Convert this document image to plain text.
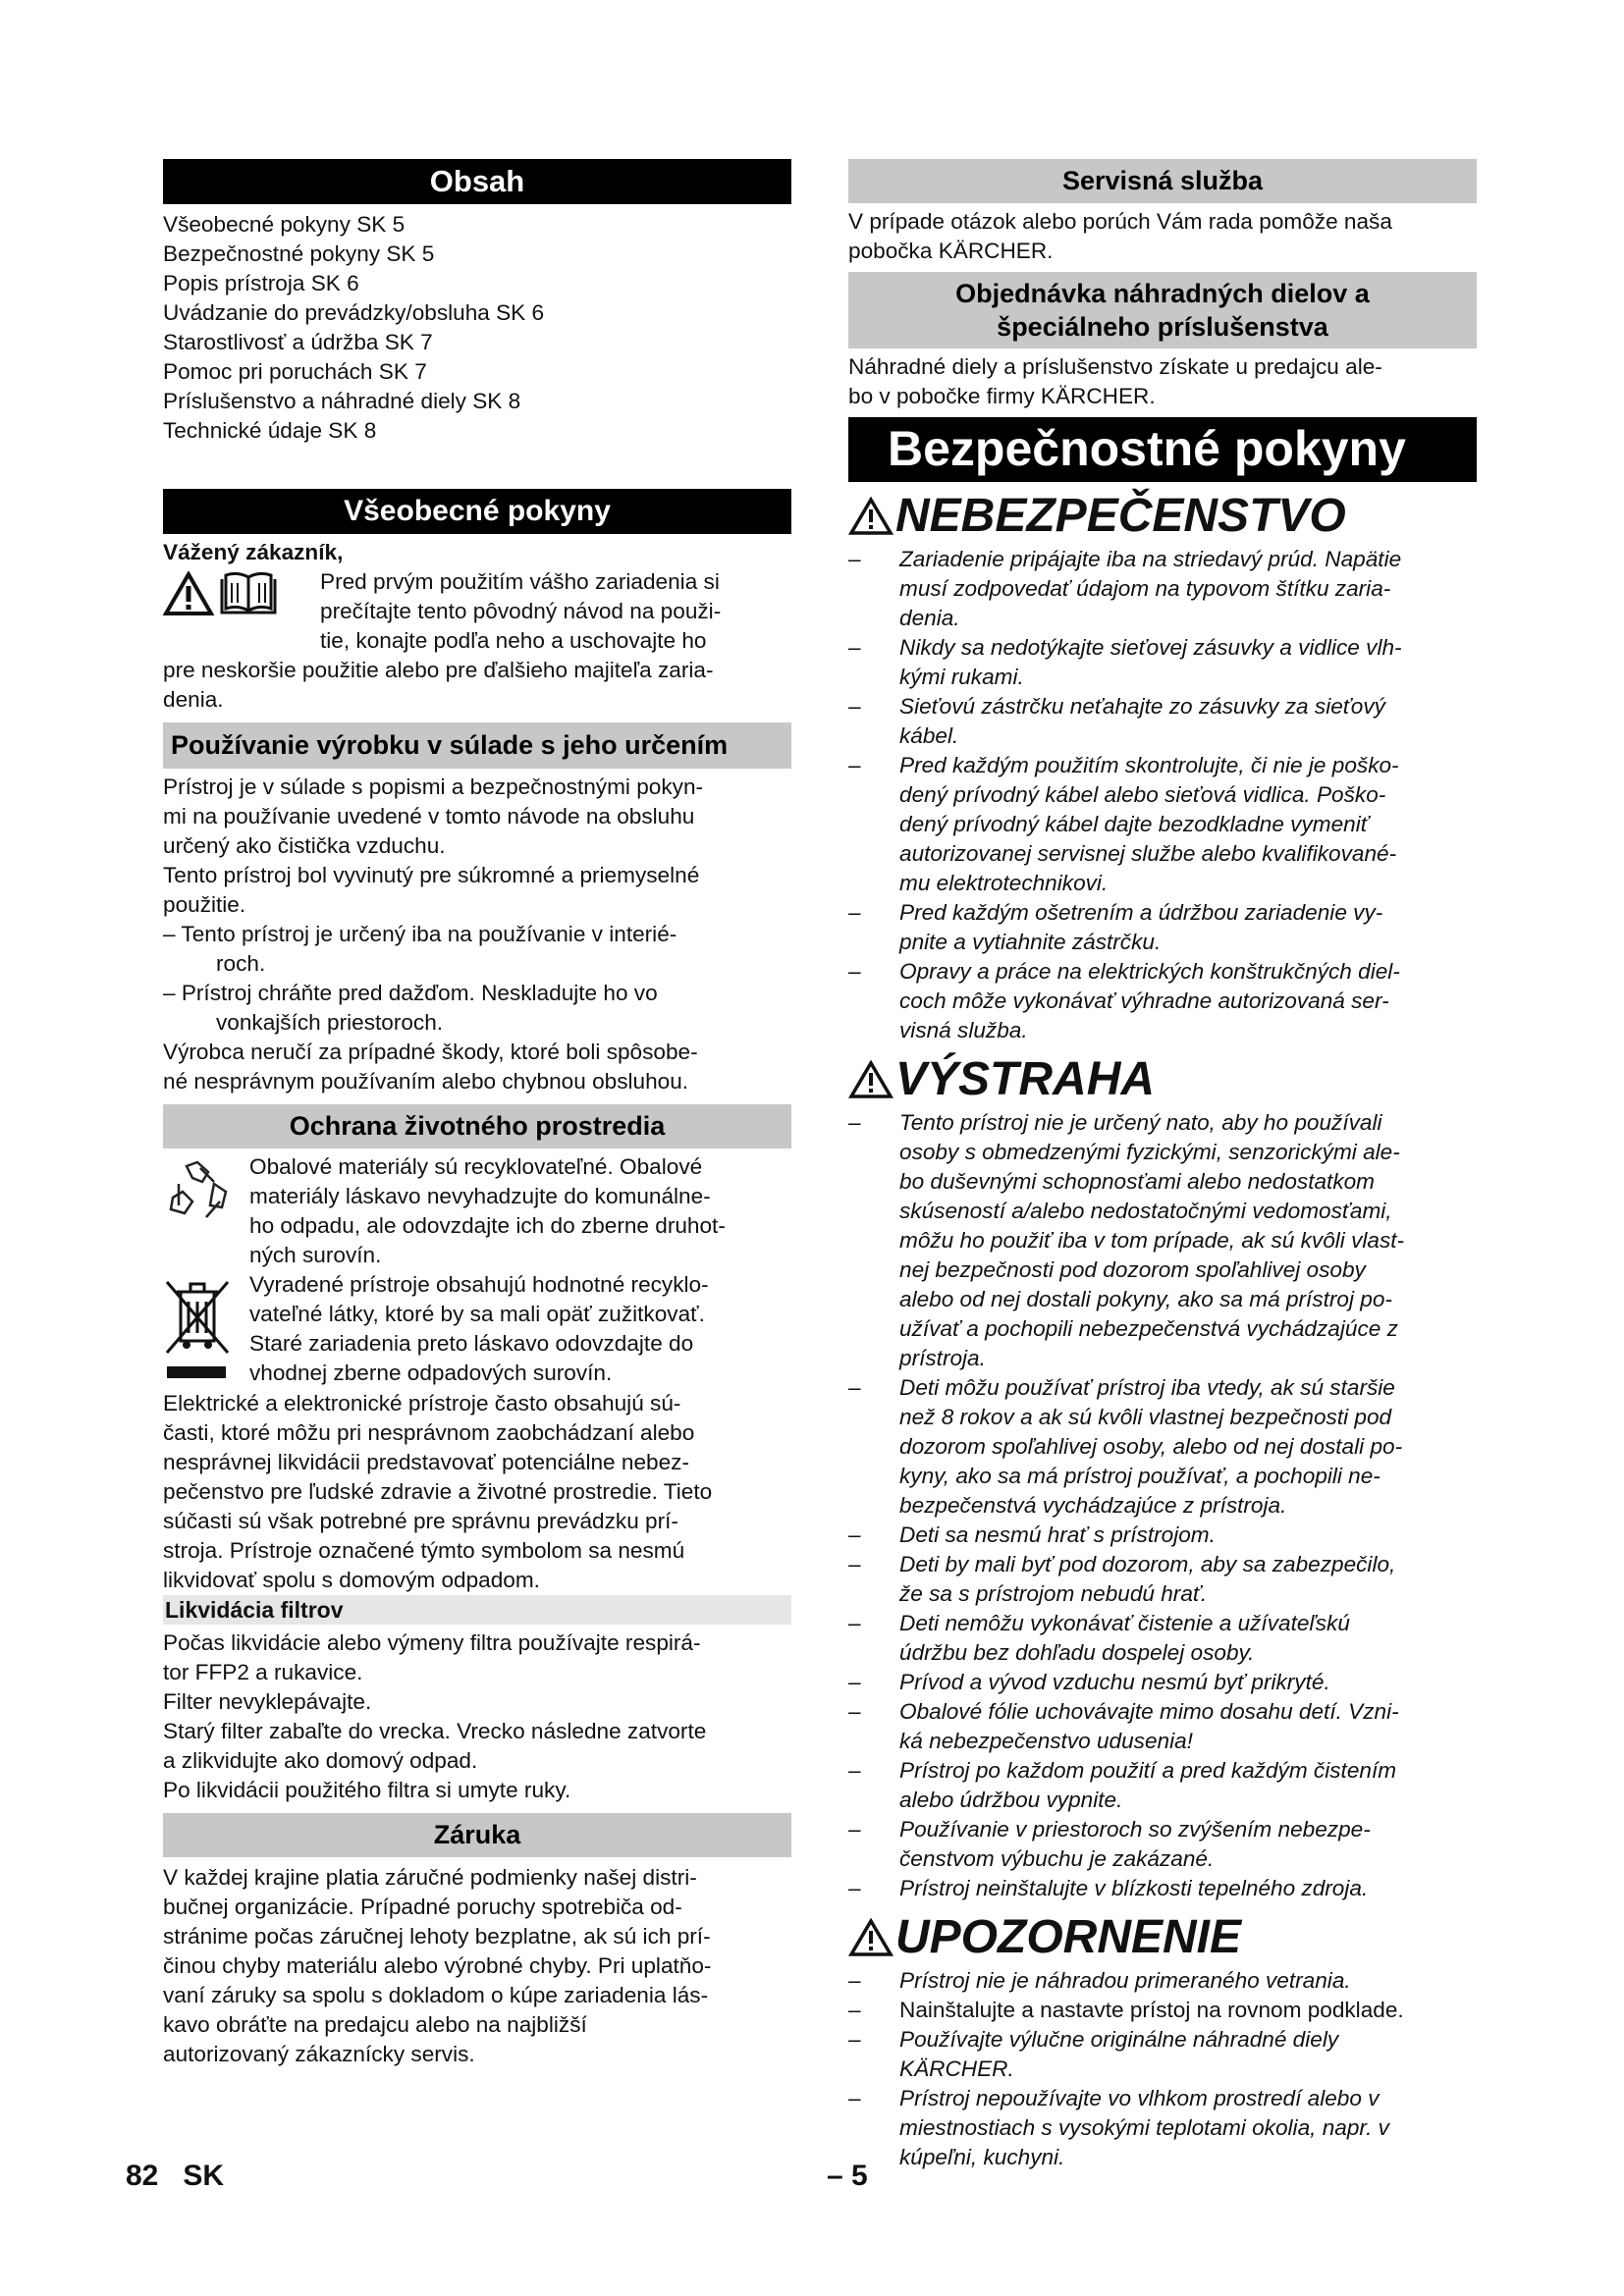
Obsah

Všeobecné pokyny SK 5

Bezpečnostné pokyny SK 5

Popis prístroja SK 6

Uvádzanie do prevádzky/obsluha SK 6

Starostlivosť a údržba SK 7

Pomoc pri poruchách SK 7

Príslušenstvo a náhradné diely SK 8

Technické údaje SK 8

Všeobecné pokyny

Vážený zákazník,

Pred prvým použitím vášho zariadenia si

prečítajte tento pôvodný návod na použi-

tie, konajte podľa neho a uschovajte ho

pre neskoršie použitie alebo pre ďalšieho majiteľa zaria-

denia.

Používanie výrobku v súlade s jeho určením

Prístroj je v súlade s popismi a bezpečnostnými pokyn-

mi na používanie uvedené v tomto návode na obsluhu

určený ako čistička vzduchu.

Tento prístroj bol vyvinutý pre súkromné a priemyselné

použitie.

– Tento prístroj je určený iba na používanie v interié-

roch.

– Prístroj chráňte pred dažďom. Neskladujte ho vo

vonkajších priestoroch.

Výrobca neručí za prípadné škody, ktoré boli spôsobe-

né nesprávnym používaním alebo chybnou obsluhou.

Ochrana životného prostredia

Obalové materiály sú recyklovateľné. Obalové

materiály láskavo nevyhadzujte do komunálne-

ho odpadu, ale odovzdajte ich do zberne druhot-

ných surovín.

Vyradené prístroje obsahujú hodnotné recyklo-

vateľné látky, ktoré by sa mali opäť zužitkovať.

Staré zariadenia preto láskavo odovzdajte do

vhodnej zberne odpadových surovín.

Elektrické a elektronické prístroje často obsahujú sú-

časti, ktoré môžu pri nesprávnom zaobchádzaní alebo

nesprávnej likvidácii predstavovať potenciálne nebez-

pečenstvo pre ľudské zdravie a životné prostredie. Tieto

súčasti sú však potrebné pre správnu prevádzku prí-

stroja. Prístroje označené týmto symbolom sa nesmú

likvidovať spolu s domovým odpadom.

Likvidácia filtrov

Počas likvidácie alebo výmeny filtra používajte respirá-

tor FFP2 a rukavice.

Filter nevyklepávajte.

Starý filter zabaľte do vrecka. Vrecko následne zatvorte

a zlikvidujte ako domový odpad.

Po likvidácii použitého filtra si umyte ruky.

Záruka

V každej krajine platia záručné podmienky našej distri-

bučnej organizácie. Prípadné poruchy spotrebiča od-

stránime počas záručnej lehoty bezplatne, ak sú ich prí-

činou chyby materiálu alebo výrobné chyby. Pri uplatňo-

vaní záruky sa spolu s dokladom o kúpe zariadenia lás-

kavo obráťte na predajcu alebo na najbližší

autorizovaný zákaznícky servis.

Servisná služba

V prípade otázok alebo porúch Vám rada pomôže naša

pobočka KÄRCHER.

Objednávka náhradných dielov a
špeciálneho príslušenstva

Náhradné diely a príslušenstvo získate u predajcu ale-

bo v pobočke firmy KÄRCHER.

Bezpečnostné pokyny
NEBEZPEČENSTVO
–	Zariadenie pripájajte iba na striedavý prúd. Napätie

musí zodpovedať údajom na typovom štítku zaria-

denia.

–	Nikdy sa nedotýkajte sieťovej zásuvky a vidlice vlh-

kými rukami.

–	Sieťovú zástrčku neťahajte zo zásuvky za sieťový

kábel.

–	Pred každým použitím skontrolujte, či nie je poško-

dený prívodný kábel alebo sieťová vidlica. Poško-

dený prívodný kábel dajte bezodkladne vymeniť

autorizovanej servisnej službe alebo kvalifikované-

mu elektrotechnikovi.

–	Pred každým ošetrením a údržbou zariadenie vy-

pnite a vytiahnite zástrčku.

–	Opravy a práce na elektrických konštrukčných diel-

coch môže vykonávať výhradne autorizovaná ser-

visná služba.

VÝSTRAHA
–	Tento prístroj nie je určený nato, aby ho používali

osoby s obmedzenými fyzickými, senzorickými ale-

bo duševnými schopnosťami alebo nedostatkom

skúseností a/alebo nedostatočnými vedomosťami,

môžu ho použiť iba v tom prípade, ak sú kvôli vlast-

nej bezpečnosti pod dozorom spoľahlivej osoby

alebo od nej dostali pokyny, ako sa má prístroj po-

užívať a pochopili nebezpečenstvá vychádzajúce z

prístroja.

–	Deti môžu používať prístroj iba vtedy, ak sú staršie

než 8 rokov a ak sú kvôli vlastnej bezpečnosti pod

dozorom spoľahlivej osoby, alebo od nej dostali po-

kyny, ako sa má prístroj používať, a pochopili ne-

bezpečenstvá vychádzajúce z prístroja.

–	Deti sa nesmú hrať s prístrojom.

–	Deti by mali byť pod dozorom, aby sa zabezpečilo,

že sa s prístrojom nebudú hrať.

–	Deti nemôžu vykonávať čistenie a užívateľskú

údržbu bez dohľadu dospelej osoby.

–	Prívod a vývod vzduchu nesmú byť prikryté.

–	Obalové fólie uchovávajte mimo dosahu detí. Vzni-

ká nebezpečenstvo udusenia!

–	Prístroj po každom použití a pred každým čistením

alebo údržbou vypnite.

–	Používanie v priestoroch so zvýšením nebezpe-

čenstvom výbuchu je zakázané.

–	Prístroj neinštalujte v blízkosti tepelného zdroja.

UPOZORNENIE
–	Prístroj nie je náhradou primeraného vetrania.

–	Nainštalujte a nastavte prístoj na rovnom podklade.

–	Používajte výlučne originálne náhradné diely

KÄRCHER.

–	Prístroj nepoužívajte vo vlhkom prostredí alebo v

miestnostiach s vysokými teplotami okolia, napr. v

kúpeľni, kuchyni.

82 SK	– 5
